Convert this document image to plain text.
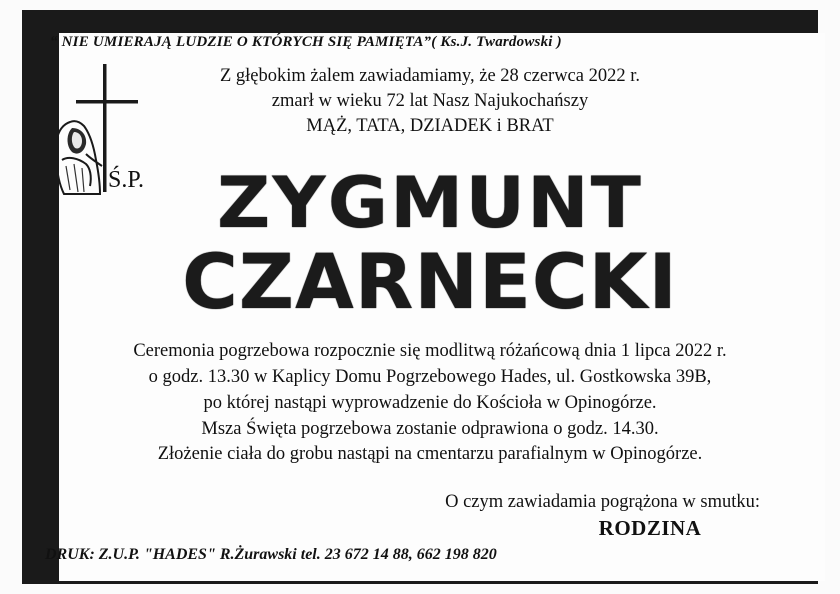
“ NIE UMIERAJĄ LUDZIE O KTÓRYCH SIĘ PAMIĘTA”( Ks.J. Twardowski )
Z głębokim żalem zawiadamiamy, że 28 czerwca 2022 r.
zmarł w wieku 72 lat Nasz Najukochańszy
MĄŻ, TATA, DZIADEK i BRAT
Ś.P.	ZYGMUNT
CZARNECKI
Ceremonia pogrzebowa rozpocznie się modlitwą różańcową dnia 1 lipca 2022 r.
o godz. 13.30 w Kaplicy Domu Pogrzebowego Hades, ul. Gostkowska 39B,
po której nastąpi wyprowadzenie do Kościoła w Opinogórze.
Msza Święta pogrzebowa zostanie odprawiona o godz. 14.30.
Złożenie ciała do grobu nastąpi na cmentarzu parafialnym w Opinogórze.
O czym zawiadamia pogrążona w smutku:
RODZINA
DRUK: Z.U.P. "HADES" R.Żurawski tel. 23 672 14 88, 662 198 820
